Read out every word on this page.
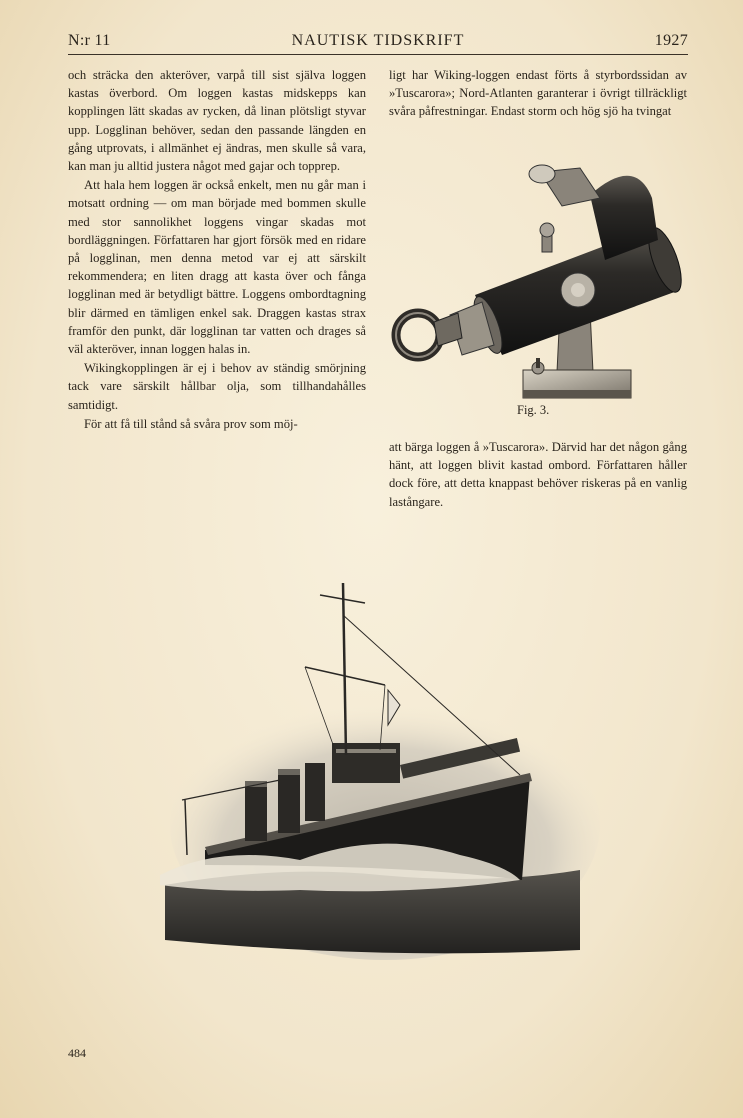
N:r 11	NAUTISK TIDSKRIFT	1927

och sträcka den akteröver, varpå till sist själva loggen kastas överbord. Om loggen kastas midskepps kan kopplingen lätt skadas av rycken, då linan plötsligt styvar upp. Logglinan behöver, sedan den passande längden en gång utprovats, i allmänhet ej ändras, men skulle så vara, kan man ju alltid justera något med gajar och topprep.

Att hala hem loggen är också enkelt, men nu går man i motsatt ordning — om man började med bommen skulle med stor sannolikhet loggens vingar skadas mot bordläggningen. Författaren har gjort försök med en ridare på logglinan, men denna metod var ej att särskilt rekommendera; en liten dragg att kasta över och fånga logglinan med är betydligt bättre. Loggens ombordtagning blir därmed en tämligen enkel sak. Draggen kastas strax framför den punkt, där logglinan tar vatten och drages så väl akteröver, innan loggen halas in.

Wikingkopplingen är ej i behov av ständig smörjning tack vare särskilt hållbar olja, som tillhandahålles samtidigt.

För att få till stånd så svåra prov som möj-

ligt har Wiking-loggen endast förts å styrbordssidan av »Tuscarora»; Nord-Atlanten garanterar i övrigt tillräckligt svåra påfrestningar. Endast storm och hög sjö ha tvingat

Fig. 3.

att bärga loggen å »Tuscarora». Därvid har det någon gång hänt, att loggen blivit kastad ombord. Författaren håller dock före, att detta knappast behöver riskeras på en vanlig lastångare.

484
